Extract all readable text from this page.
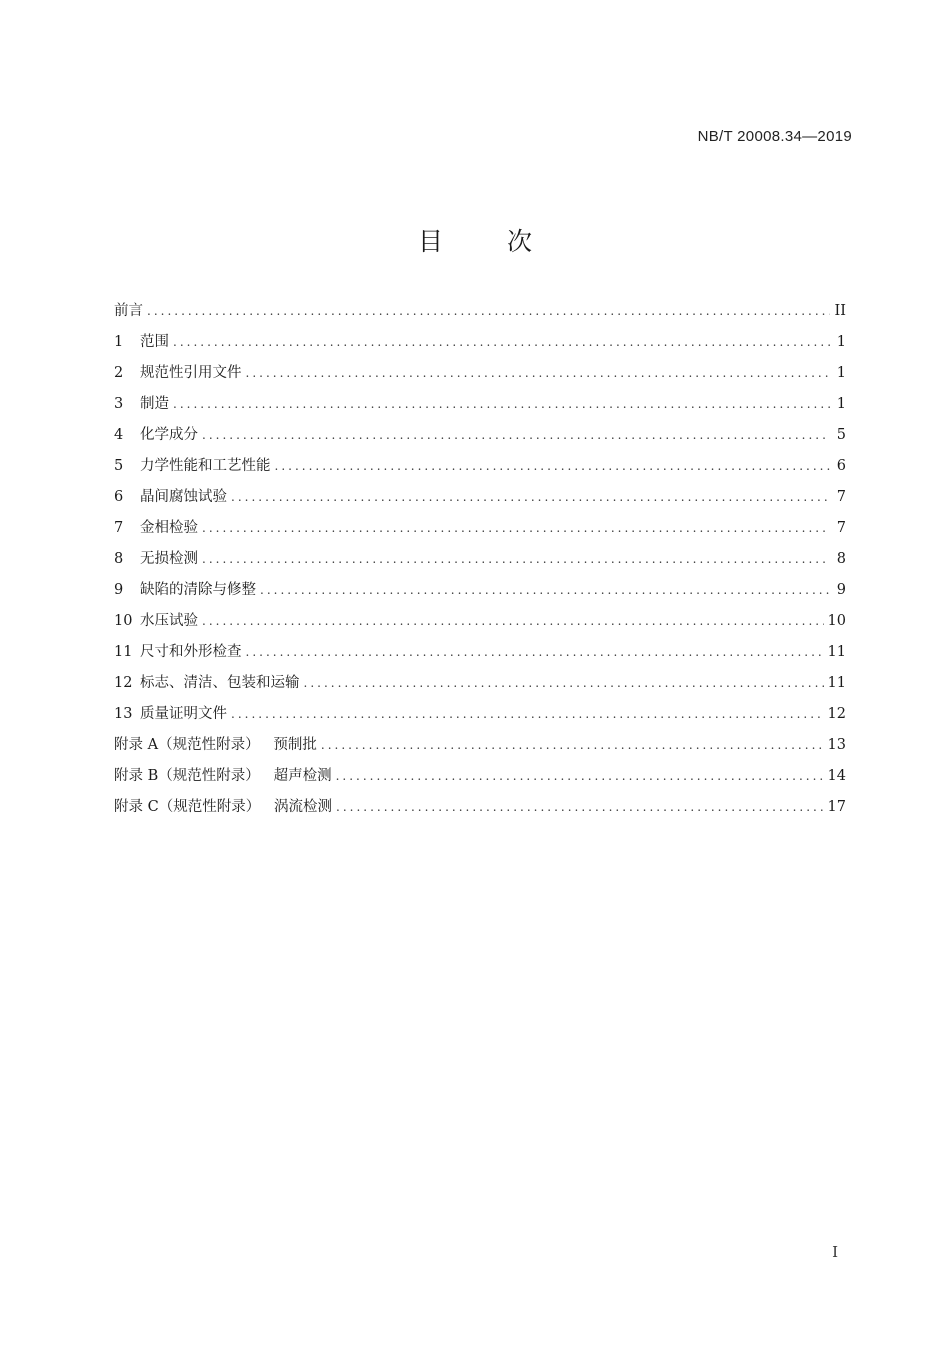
NB/T 20008.34—2019
目 次
前言 .....	II
1 范围 .....	1
2 规范性引用文件 .....	1
3 制造 .....	1
4 化学成分 .....	5
5 力学性能和工艺性能 .....	6
6 晶间腐蚀试验 .....	7
7 金相检验 .....	7
8 无损检测 .....	8
9 缺陷的清除与修整 .....	9
10 水压试验 .....	10
11 尺寸和外形检查 .....	11
12 标志、清洁、包装和运输 .....	11
13 质量证明文件 .....	12
附录 A（规范性附录）   预制批 .....	13
附录 B（规范性附录）   超声检测 .....	14
附录 C（规范性附录）   涡流检测 .....	17
I
